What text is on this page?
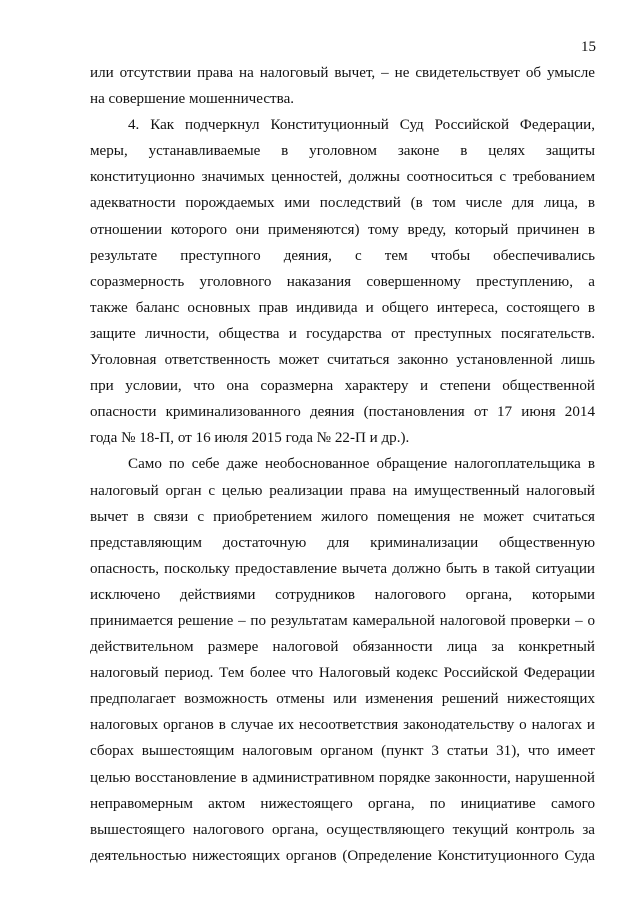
15
или отсутствии права на налоговый вычет, – не свидетельствует об умысле
на совершение мошенничества.
4. Как подчеркнул Конституционный Суд Российской Федерации,
меры, устанавливаемые в уголовном законе в целях защиты
конституционно значимых ценностей, должны соотноситься с требованием
адекватности порождаемых ими последствий (в том числе для лица, в
отношении которого они применяются) тому вреду, который причинен в
результате преступного деяния, с тем чтобы обеспечивались
соразмерность уголовного наказания совершенному преступлению, а
также баланс основных прав индивида и общего интереса, состоящего в
защите личности, общества и государства от преступных посягательств.
Уголовная ответственность может считаться законно установленной лишь
при условии, что она соразмерна характеру и степени общественной
опасности криминализованного деяния (постановления от 17 июня 2014
года № 18-П, от 16 июля 2015 года № 22-П и др.).
Само по себе даже необоснованное обращение налогоплательщика в
налоговый орган с целью реализации права на имущественный налоговый
вычет в связи с приобретением жилого помещения не может считаться
представляющим достаточную для криминализации общественную
опасность, поскольку предоставление вычета должно быть в такой ситуации
исключено действиями сотрудников налогового органа, которыми
принимается решение – по результатам камеральной налоговой проверки – о
действительном размере налоговой обязанности лица за конкретный
налоговый период. Тем более что Налоговый кодекс Российской Федерации
предполагает возможность отмены или изменения решений нижестоящих
налоговых органов в случае их несоответствия законодательству о налогах и
сборах вышестоящим налоговым органом (пункт 3 статьи 31), что имеет
целью восстановление в административном порядке законности, нарушенной
неправомерным актом нижестоящего органа, по инициативе самого
вышестоящего налогового органа, осуществляющего текущий контроль за
деятельностью нижестоящих органов (Определение Конституционного Суда
